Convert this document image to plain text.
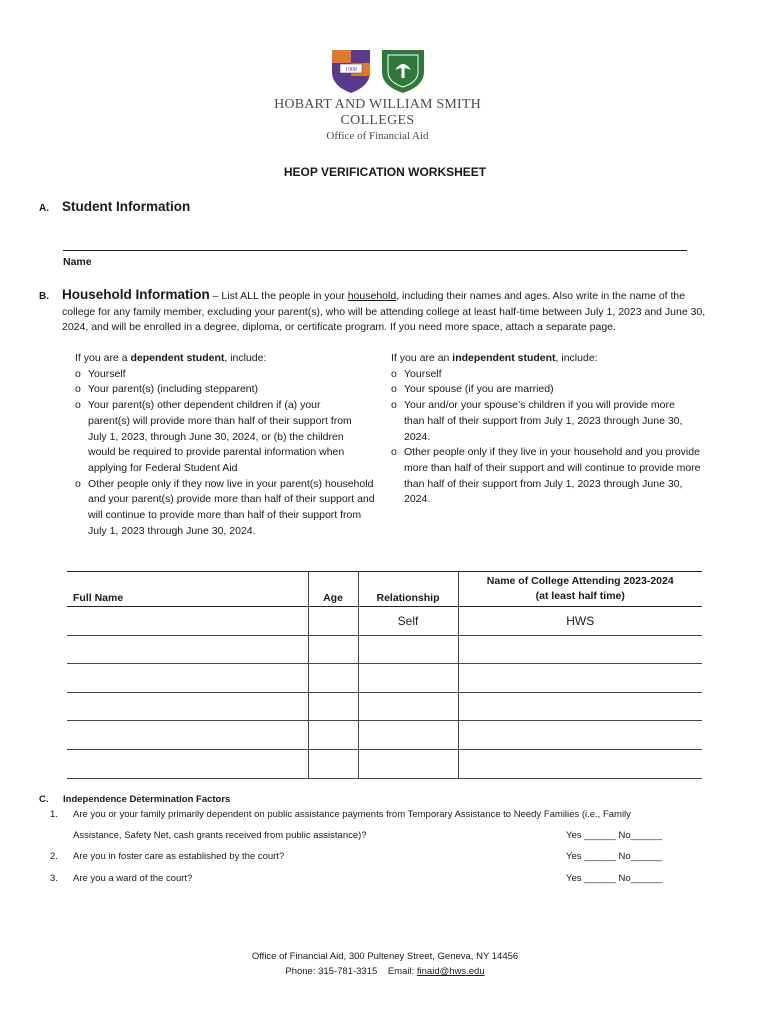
1908
HOBART AND WILLIAM SMITH
COLLEGES
Office of Financial Aid
HEOP VERIFICATION WORKSHEET
A. Student Information
Name
B. Household Information – List ALL the people in your household, including their names and ages. Also write in the name of the college for any family member, excluding your parent(s), who will be attending college at least half-time between July 1, 2023 and June 30, 2024, and will be enrolled in a degree, diploma, or certificate program. If you need more space, attach a separate page.
If you are a dependent student, include:
o Yourself
o Your parent(s) (including stepparent)
o Your parent(s) other dependent children if (a) your parent(s) will provide more than half of their support from July 1, 2023, through June 30, 2024, or (b) the children would be required to provide parental information when applying for Federal Student Aid
o Other people only if they now live in your parent(s) household and your parent(s) provide more than half of their support and will continue to provide more than half of their support from July 1, 2023 through June 30, 2024.
If you are an independent student, include:
o Yourself
o Your spouse (if you are married)
o Your and/or your spouse’s children if you will provide more than half of their support from July 1, 2023 through June 30, 2024.
o Other people only if they live in your household and you provide more than half of their support and will continue to provide more than half of their support from July 1, 2023 through June 30, 2024.
Full Name	Age	Relationship	Name of College Attending 2023-2024
(at least half time)

		Self	HWS

C. Independence Determination Factors
1. Are you or your family primarily dependent on public assistance payments from Temporary Assistance to Needy Families (i.e., Family
Assistance, Safety Net, cash grants received from public assistance)?	Yes ______ No______
2. Are you in foster care as established by the court?	Yes ______ No______
3. Are you a ward of the court?	Yes ______ No______
Office of Financial Aid, 300 Pulteney Street, Geneva, NY 14456
Phone: 315-781-3315 Email: finaid@hws.edu
